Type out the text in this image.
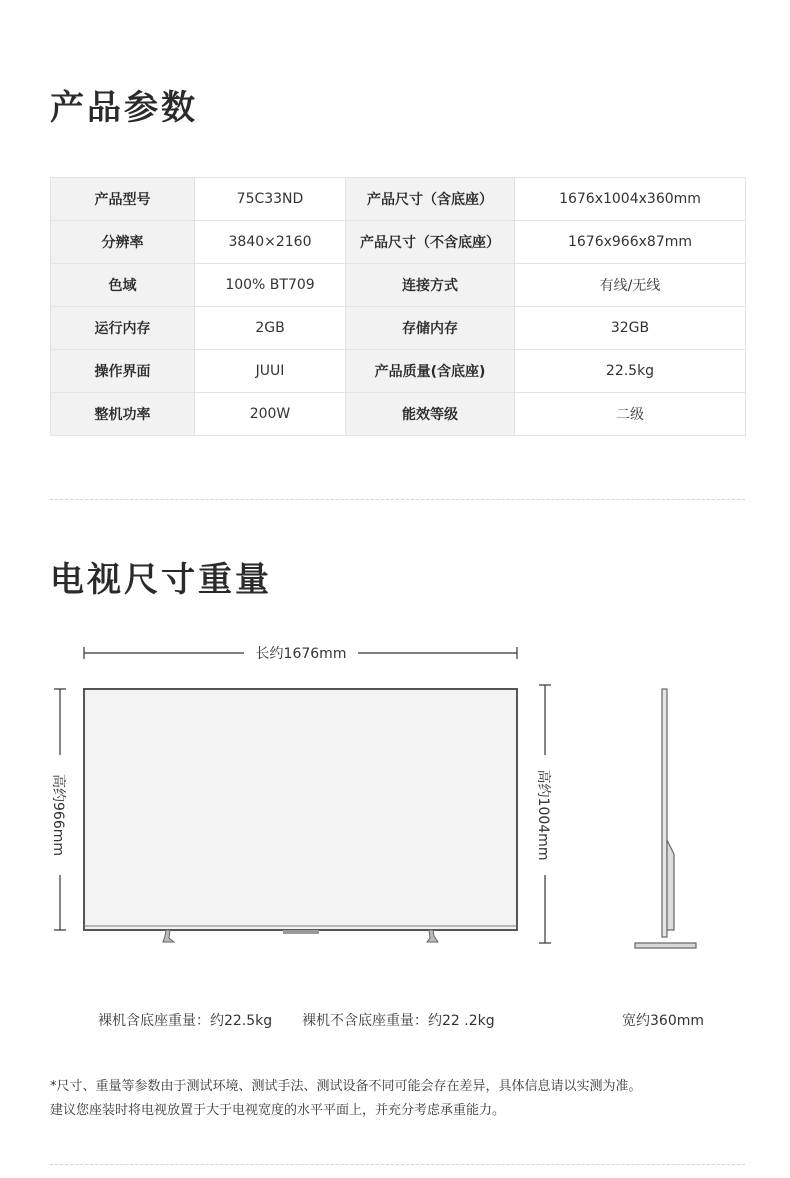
产品参数
产品型号	75C33ND	产品尺寸（含底座）	1676x1004x360mm
分辨率	3840×2160	产品尺寸（不含底座）	1676x966x87mm
色域	100% BT709	连接方式	有线/无线
运行内存	2GB	存储内存	32GB
操作界面	JUUI	产品质量(含底座)	22.5kg
整机功率	200W	能效等级	二级
电视尺寸重量
长约1676mm
高约966mm	高约1004mm
裸机含底座重量：约22.5kg 裸机不含底座重量：约22 .2kg	宽约360mm
*尺寸、重量等参数由于测试环境、测试手法、测试设备不同可能会存在差异，具体信息请以实测为准。
建议您座装时将电视放置于大于电视宽度的水平平面上，并充分考虑承重能力。
